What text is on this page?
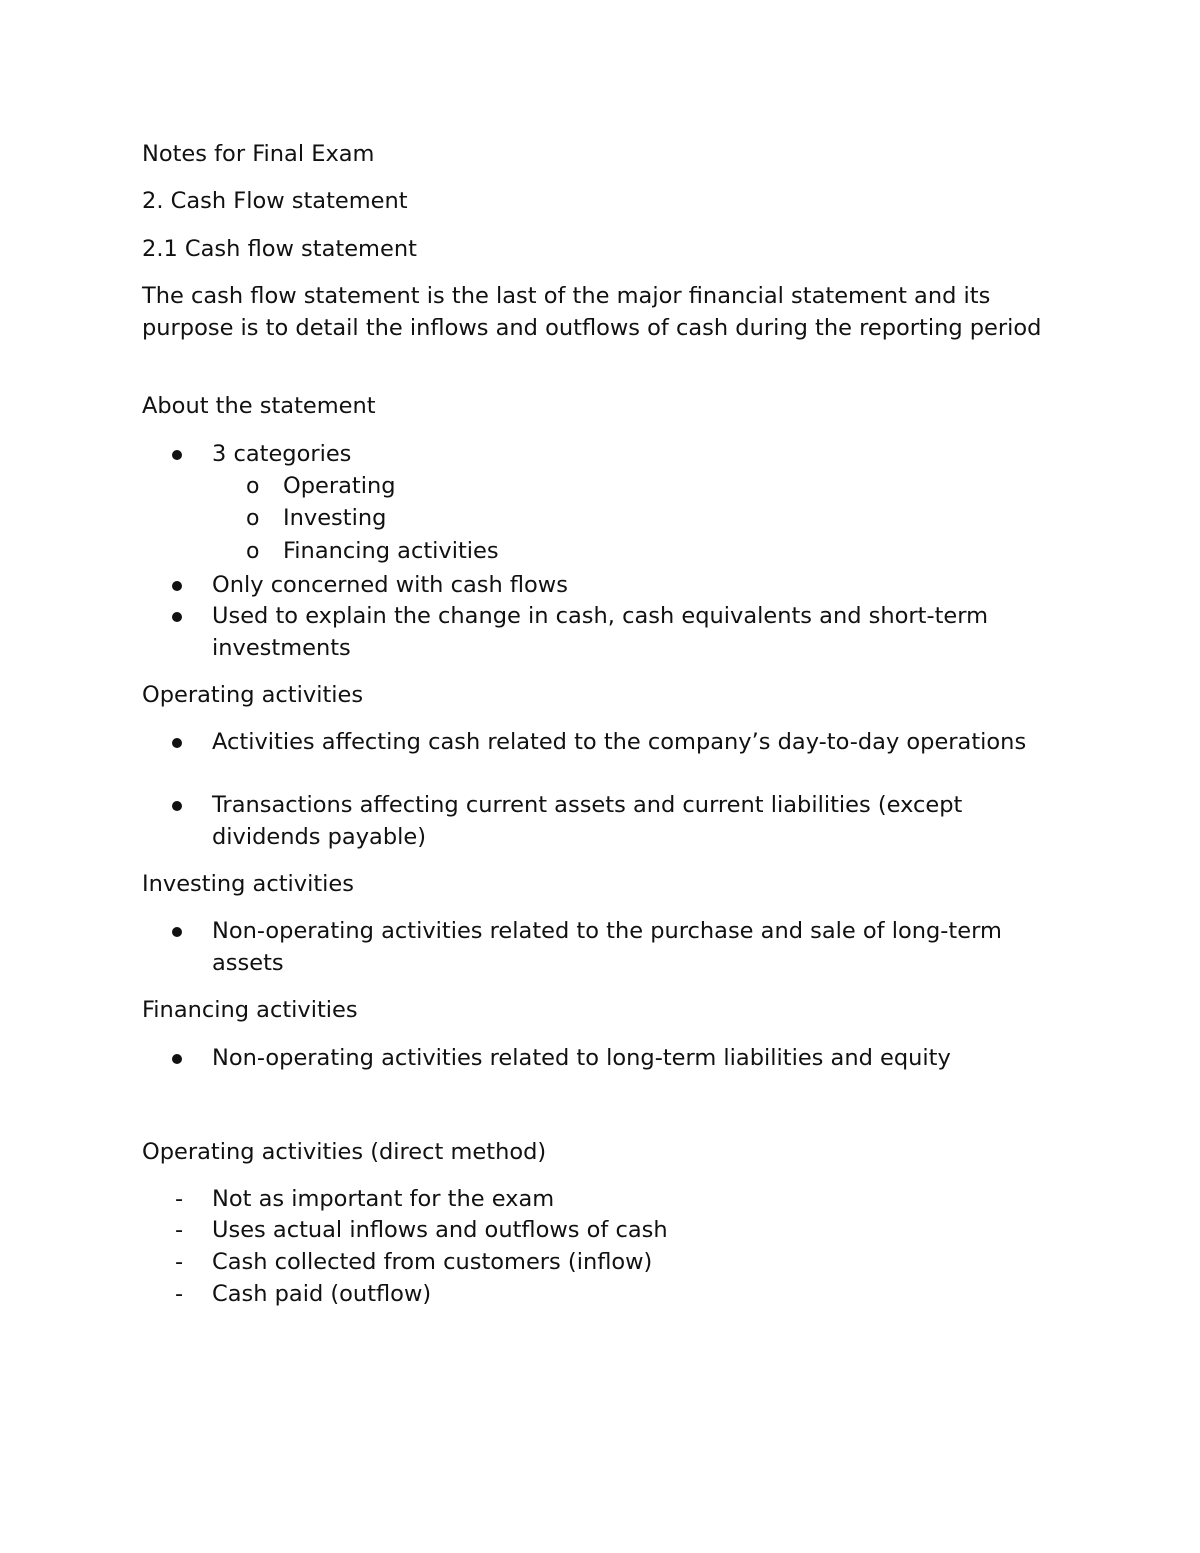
Notes for Final Exam
2. Cash Flow statement
2.1 Cash flow statement
The cash flow statement is the last of the major financial statement and its purpose is to detail the inflows and outflows of cash during the reporting period
About the statement
3 categories
o Operating
o Investing
o Financing activities
Only concerned with cash flows
Used to explain the change in cash, cash equivalents and short-term investments
Operating activities
Activities affecting cash related to the company’s day-to-day operations
Transactions affecting current assets and current liabilities (except dividends payable)
Investing activities
Non-operating activities related to the purchase and sale of long-term assets
Financing activities
Non-operating activities related to long-term liabilities and equity
Operating activities (direct method)
- Not as important for the exam
- Uses actual inflows and outflows of cash
- Cash collected from customers (inflow)
- Cash paid (outflow)
